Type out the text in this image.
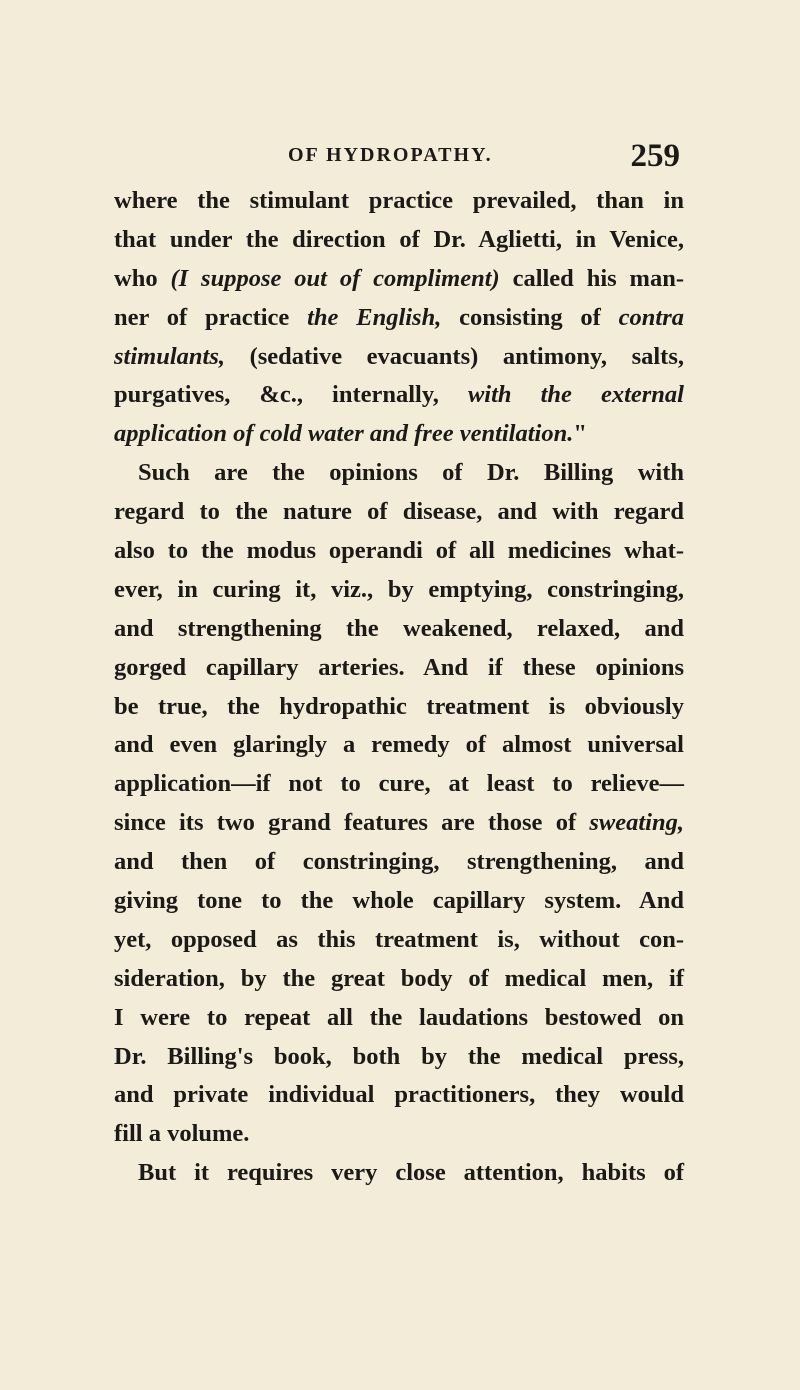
OF HYDROPATHY.	259
where the stimulant practice prevailed, than in
that under the direction of Dr. Aglietti, in Venice,
who (I suppose out of compliment) called his man-
ner of practice the English, consisting of contra
stimulants, (sedative evacuants) antimony, salts,
purgatives, &c., internally, with the external
application of cold water and free ventilation."
Such are the opinions of Dr. Billing with
regard to the nature of disease, and with regard
also to the modus operandi of all medicines what-
ever, in curing it, viz., by emptying, constringing,
and strengthening the weakened, relaxed, and
gorged capillary arteries. And if these opinions
be true, the hydropathic treatment is obviously
and even glaringly a remedy of almost universal
application—if not to cure, at least to relieve—
since its two grand features are those of sweating,
and then of constringing, strengthening, and
giving tone to the whole capillary system. And
yet, opposed as this treatment is, without con-
sideration, by the great body of medical men, if
I were to repeat all the laudations bestowed on
Dr. Billing's book, both by the medical press,
and private individual practitioners, they would
fill a volume.
But it requires very close attention, habits of
